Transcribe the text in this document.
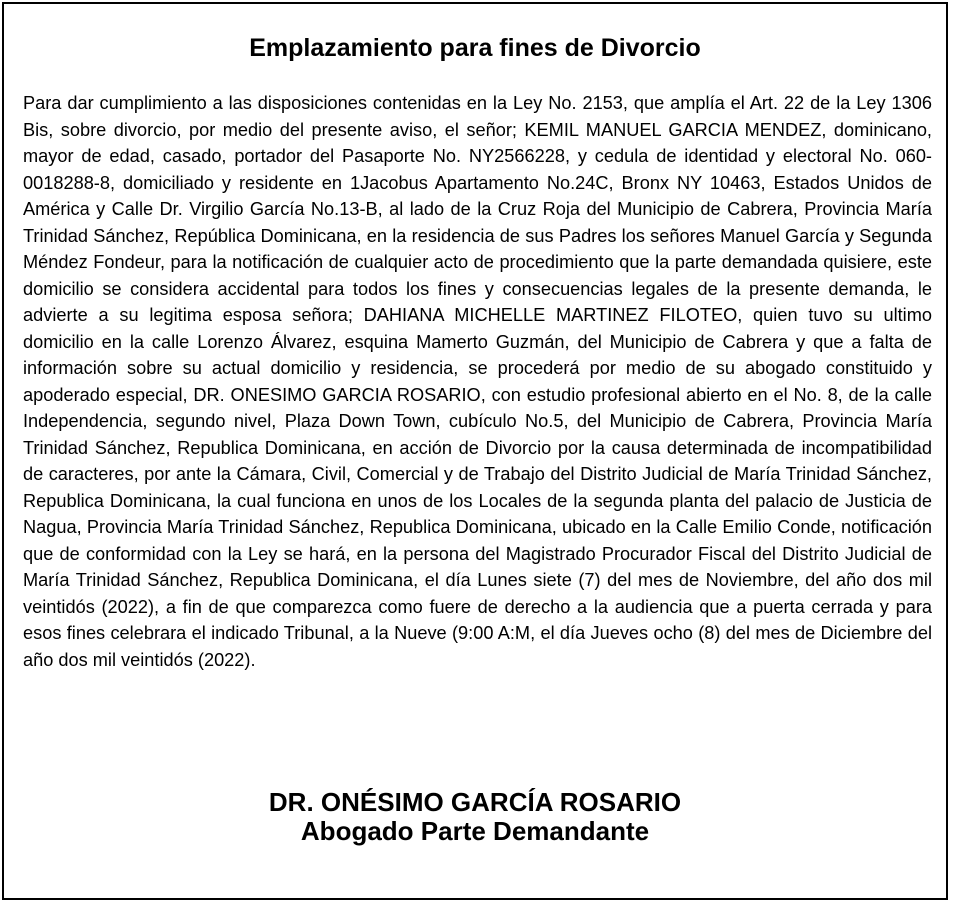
Emplazamiento para fines de Divorcio

Para dar cumplimiento a las disposiciones contenidas en la Ley No. 2153, que amplía el Art. 22 de la Ley 1306 Bis, sobre divorcio, por medio del presente aviso, el señor; KEMIL MANUEL GARCIA MENDEZ, dominicano, mayor de edad, casado, portador del Pasaporte No. NY2566228, y cedula de identidad y electoral No. 060-0018288-8, domiciliado y residente en 1Jacobus Apartamento No.24C, Bronx NY 10463, Estados Unidos de América y Calle Dr. Virgilio García No.13-B, al lado de la Cruz Roja del Municipio de Cabrera, Provincia María Trinidad Sánchez, República Dominicana, en la residencia de sus Padres los señores Manuel García y Segunda Méndez Fondeur, para la notificación de cualquier acto de procedimiento que la parte demandada quisiere, este domicilio se considera accidental para todos los fines y consecuencias legales de la presente demanda, le advierte a su legitima esposa señora; DAHIANA MICHELLE MARTINEZ FILOTEO, quien tuvo su ultimo domicilio en la calle Lorenzo Álvarez, esquina Mamerto Guzmán, del Municipio de Cabrera y que a falta de información sobre su actual domicilio y residencia, se procederá por medio de su abogado constituido y apoderado especial, DR. ONESIMO GARCIA ROSARIO, con estudio profesional abierto en el No. 8, de la calle Independencia, segundo nivel, Plaza Down Town, cubículo No.5, del Municipio de Cabrera, Provincia María Trinidad Sánchez, Republica Dominicana, en acción de Divorcio por la causa determinada de incompatibilidad de caracteres, por ante la Cámara, Civil, Comercial y de Trabajo del Distrito Judicial de María Trinidad Sánchez, Republica Dominicana, la cual funciona en unos de los Locales de la segunda planta del palacio de Justicia de Nagua, Provincia María Trinidad Sánchez, Republica Dominicana, ubicado en la Calle Emilio Conde, notificación que de conformidad con la Ley se hará, en la persona del Magistrado Procurador Fiscal del Distrito Judicial de María Trinidad Sánchez, Republica Dominicana, el día Lunes siete (7) del mes de Noviembre, del año dos mil veintidós (2022), a fin de que comparezca como fuere de derecho a la audiencia que a puerta cerrada y para esos fines celebrara el indicado Tribunal, a la Nueve (9:00 A:M, el día Jueves ocho (8) del mes de Diciembre del año dos mil veintidós (2022).

DR. ONÉSIMO GARCÍA ROSARIO
Abogado Parte Demandante
